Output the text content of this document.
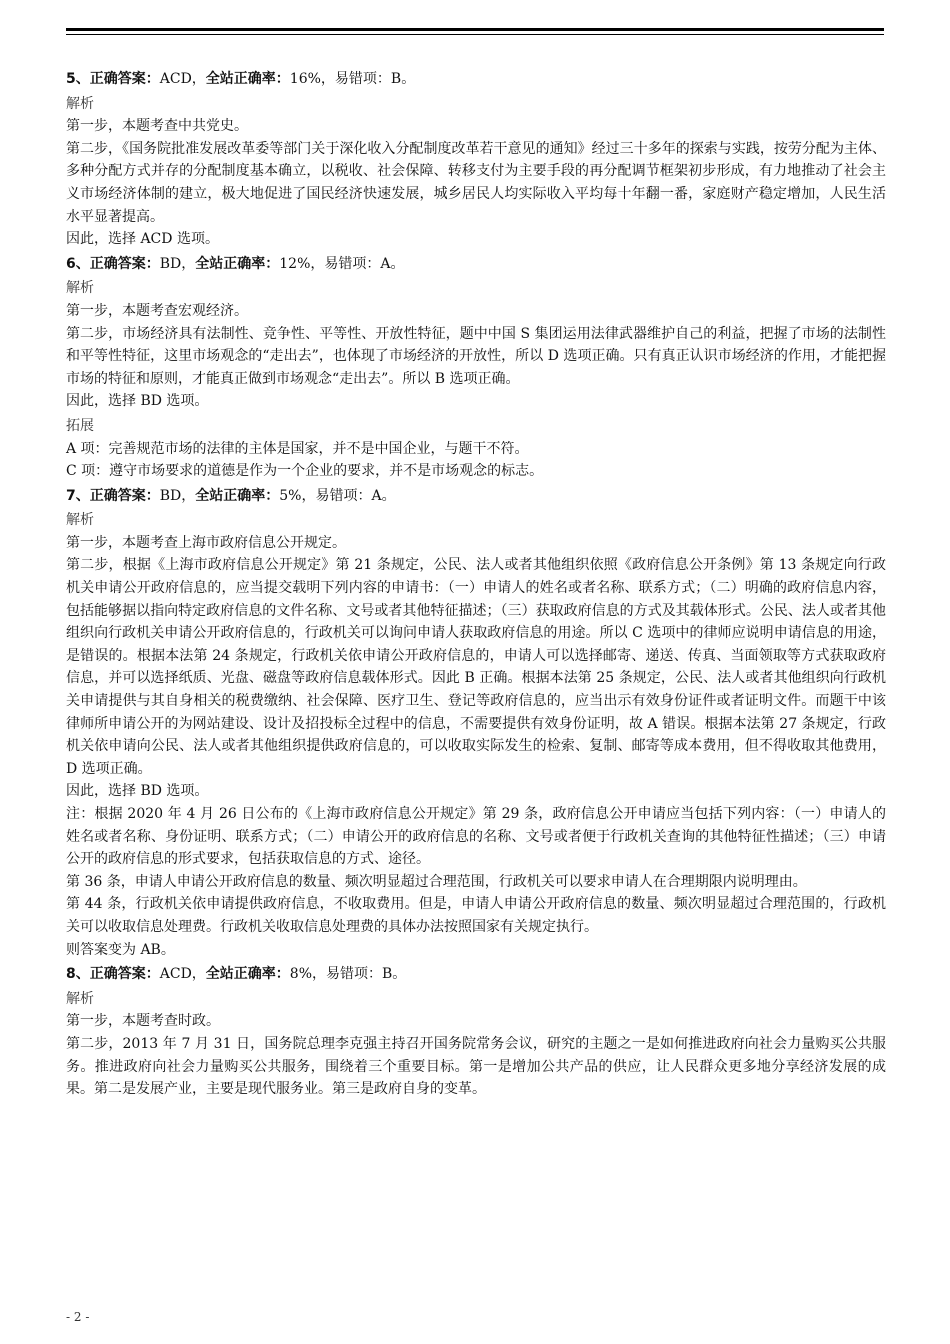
5、正确答案：ACD，全站正确率：16%，易错项：B。

解析

第一步，本题考查中共党史。

第二步，《国务院批准发展改革委等部门关于深化收入分配制度改革若干意见的通知》经过三十多年的探索与实践，按劳分配为主体、多种分配方式并存的分配制度基本确立，以税收、社会保障、转移支付为主要手段的再分配调节框架初步形成，有力地推动了社会主义市场经济体制的建立，极大地促进了国民经济快速发展，城乡居民人均实际收入平均每十年翻一番，家庭财产稳定增加，人民生活水平显著提高。

因此，选择 ACD 选项。

6、正确答案：BD，全站正确率：12%，易错项：A。

解析

第一步，本题考查宏观经济。

第二步，市场经济具有法制性、竞争性、平等性、开放性特征，题中中国 S 集团运用法律武器维护自己的利益，把握了市场的法制性和平等性特征，这里市场观念的“走出去”，也体现了市场经济的开放性，所以 D 选项正确。只有真正认识市场经济的作用，才能把握市场的特征和原则，才能真正做到市场观念“走出去”。所以 B 选项正确。

因此，选择 BD 选项。

拓展

A 项：完善规范市场的法律的主体是国家，并不是中国企业，与题干不符。

C 项：遵守市场要求的道德是作为一个企业的要求，并不是市场观念的标志。

7、正确答案：BD，全站正确率：5%，易错项：A。

解析

第一步，本题考查上海市政府信息公开规定。

第二步，根据《上海市政府信息公开规定》第 21 条规定，公民、法人或者其他组织依照《政府信息公开条例》第 13 条规定向行政机关申请公开政府信息的，应当提交载明下列内容的申请书：（一）申请人的姓名或者名称、联系方式；（二）明确的政府信息内容，包括能够据以指向特定政府信息的文件名称、文号或者其他特征描述；（三）获取政府信息的方式及其载体形式。公民、法人或者其他组织向行政机关申请公开政府信息的，行政机关可以询问申请人获取政府信息的用途。所以 C 选项中的律师应说明申请信息的用途，是错误的。根据本法第 24 条规定，行政机关依申请公开政府信息的，申请人可以选择邮寄、递送、传真、当面领取等方式获取政府信息，并可以选择纸质、光盘、磁盘等政府信息载体形式。因此 B 正确。根据本法第 25 条规定，公民、法人或者其他组织向行政机关申请提供与其自身相关的税费缴纳、社会保障、医疗卫生、登记等政府信息的，应当出示有效身份证件或者证明文件。而题干中该律师所申请公开的为网站建设、设计及招投标全过程中的信息，不需要提供有效身份证明，故 A 错误。根据本法第 27 条规定，行政机关依申请向公民、法人或者其他组织提供政府信息的，可以收取实际发生的检索、复制、邮寄等成本费用，但不得收取其他费用，D 选项正确。

因此，选择 BD 选项。

注：根据 2020 年 4 月 26 日公布的《上海市政府信息公开规定》第 29 条，政府信息公开申请应当包括下列内容：（一）申请人的姓名或者名称、身份证明、联系方式；（二）申请公开的政府信息的名称、文号或者便于行政机关查询的其他特征性描述；（三）申请公开的政府信息的形式要求，包括获取信息的方式、途径。

第 36 条，申请人申请公开政府信息的数量、频次明显超过合理范围，行政机关可以要求申请人在合理期限内说明理由。

第 44 条，行政机关依申请提供政府信息，不收取费用。但是，申请人申请公开政府信息的数量、频次明显超过合理范围的，行政机关可以收取信息处理费。行政机关收取信息处理费的具体办法按照国家有关规定执行。

则答案变为 AB。

8、正确答案：ACD，全站正确率：8%，易错项：B。

解析

第一步，本题考查时政。

第二步，2013 年 7 月 31 日，国务院总理李克强主持召开国务院常务会议，研究的主题之一是如何推进政府向社会力量购买公共服务。推进政府向社会力量购买公共服务，围绕着三个重要目标。第一是增加公共产品的供应，让人民群众更多地分享经济发展的成果。第二是发展产业，主要是现代服务业。第三是政府自身的变革。

- 2 -
